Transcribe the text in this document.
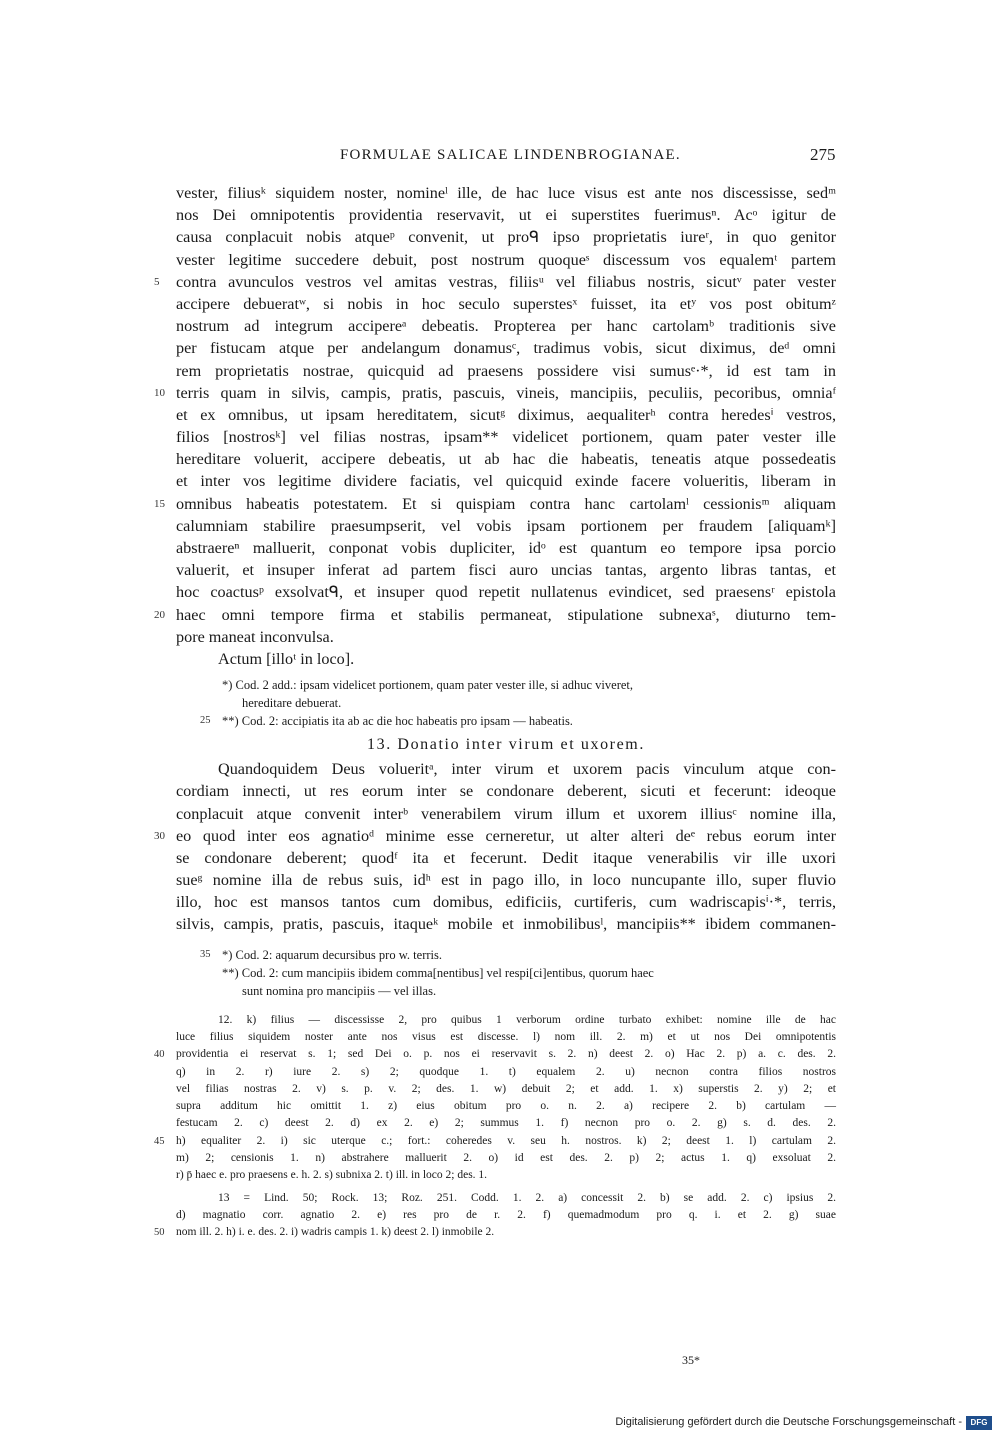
FORMULAE SALICAE LINDENBROGIANAE.	275
vester, filiusᵏ siquidem noster, nomineˡ ille, de hac luce visus est ante nos discessisse, sedᵐ
nos Dei omnipotentis providentia reservavit, ut ei superstites fuerimusⁿ. Acᵒ igitur de
causa conplacuit nobis atqueᵖ convenit, ut proᑫ ipso proprietatis iureʳ, in quo genitor
vester legitime succedere debuit, post nostrum quoqueˢ discessum vos equalemᵗ partem
contra avunculos vestros vel amitas vestras, filiisᵘ vel filiabus nostris, sicutᵛ pater vester
5
accipere debueratʷ, si nobis in hoc seculo superstesˣ fuisset, ita etʸ vos post obitumᶻ
nostrum ad integrum accipereᵃ debeatis. Propterea per hanc cartolamᵇ traditionis sive
per fistucam atque per andelangum donamusᶜ, tradimus vobis, sicut diximus, deᵈ omni
rem proprietatis nostrae, quicquid ad praesens possidere visi sumusᵉ·*, id est tam in
terris quam in silvis, campis, pratis, pascuis, vineis, mancipiis, peculiis, pecoribus, omniaᶠ
10
et ex omnibus, ut ipsam hereditatem, sicutᵍ diximus, aequaliterʰ contra heredesⁱ vestros,
filios [nostrosᵏ] vel filias nostras, ipsam** videlicet portionem, quam pater vester ille
hereditare voluerit, accipere debeatis, ut ab hac die habeatis, teneatis atque possedeatis
et inter vos legitime dividere faciatis, vel quicquid exinde facere volueritis, liberam in
omnibus habeatis potestatem. Et si quispiam contra hanc cartolamˡ cessionisᵐ aliquam
15
calumniam stabilire praesumpserit, vel vobis ipsam portionem per fraudem [aliquamᵏ]
abstraereⁿ malluerit, conponat vobis dupliciter, idᵒ est quantum eo tempore ipsa porcio
valuerit, et insuper inferat ad partem fisci auro uncias tantas, argento libras tantas, et
hoc coactusᵖ exsolvatᑫ, et insuper quod repetit nullatenus evindicet, sed praesensʳ epistola
haec omni tempore firma et stabilis permaneat, stipulatione subnexaˢ, diuturno tem-
20
pore maneat inconvulsa.
Actum [illoᵗ in loco].
*) Cod. 2 add.: ipsam videlicet portionem, quam pater vester ille, si adhuc viveret,
hereditare debuerat.
**) Cod. 2: accipiatis ita ab ac die hoc habeatis pro ipsam — habeatis.
25
13. Donatio inter virum et uxorem.
Quandoquidem Deus volueritᵃ, inter virum et uxorem pacis vinculum atque con-
cordiam innecti, ut res eorum inter se condonare deberent, sicuti et fecerunt: ideoque
conplacuit atque convenit interᵇ venerabilem virum illum et uxorem illiusᶜ nomine illa,
eo quod inter eos agnatioᵈ minime esse cerneretur, ut alter alteri deᵉ rebus eorum inter
30
se condonare deberent; quodᶠ ita et fecerunt. Dedit itaque venerabilis vir ille uxori
sueᵍ nomine illa de rebus suis, idʰ est in pago illo, in loco nuncupante illo, super fluvio
illo, hoc est mansos tantos cum domibus, edificiis, curtiferis, cum wadriscapisⁱ·*, terris,
silvis, campis, pratis, pascuis, itaqueᵏ mobile et inmobilibusˡ, mancipiis** ibidem commanen-
*) Cod. 2: aquarum decursibus pro w. terris.
35
**) Cod. 2: cum mancipiis ibidem comma[nentibus] vel respi[ci]entibus, quorum haec
sunt nomina pro mancipiis — vel illas.
12. k) filius — discessisse 2, pro quibus 1 verborum ordine turbato exhibet: nomine ille de hac
luce filius siquidem noster ante nos visus est discesse. l) nom ill. 2. m) et ut nos Dei omnipotentis
providentia ei reservat s. 1; sed Dei o. p. nos ei reservavit s. 2. n) deest 2. o) Hac 2. p) a. c. des. 2.
40
q) in 2. r) iure 2. s) 2; quodque 1. t) equalem 2. u) necnon contra filios nostros
vel filias nostras 2. v) s. p. v. 2; des. 1. w) debuit 2; et add. 1. x) superstis 2. y) 2; et
supra additum hic omittit 1. z) eius obitum pro o. n. 2. a) recipere 2. b) cartulam —
festucam 2. c) deest 2. d) ex 2. e) 2; summus 1. f) necnon pro o. 2. g) s. d. des. 2.
h) equaliter 2. i) sic uterque c.; fort.: coheredes v. seu h. nostros. k) 2; deest 1. l) cartulam 2.
45
m) 2; censionis 1. n) abstrahere malluerit 2. o) id est des. 2. p) 2; actus 1. q) exsoluat 2.
r) p̄ haec e. pro praesens e. h. 2. s) subnixa 2. t) ill. in loco 2; des. 1.
13 = Lind. 50; Rock. 13; Roz. 251. Codd. 1. 2. a) concessit 2. b) se add. 2. c) ipsius 2.
d) magnatio corr. agnatio 2. e) res pro de r. 2. f) quemadmodum pro q. i. et 2. g) suae
nom ill. 2. h) i. e. des. 2. i) wadris campis 1. k) deest 2. l) inmobile 2.
50
35*
Digitalisierung gefördert durch die Deutsche Forschungsgemeinschaft -	DFG
